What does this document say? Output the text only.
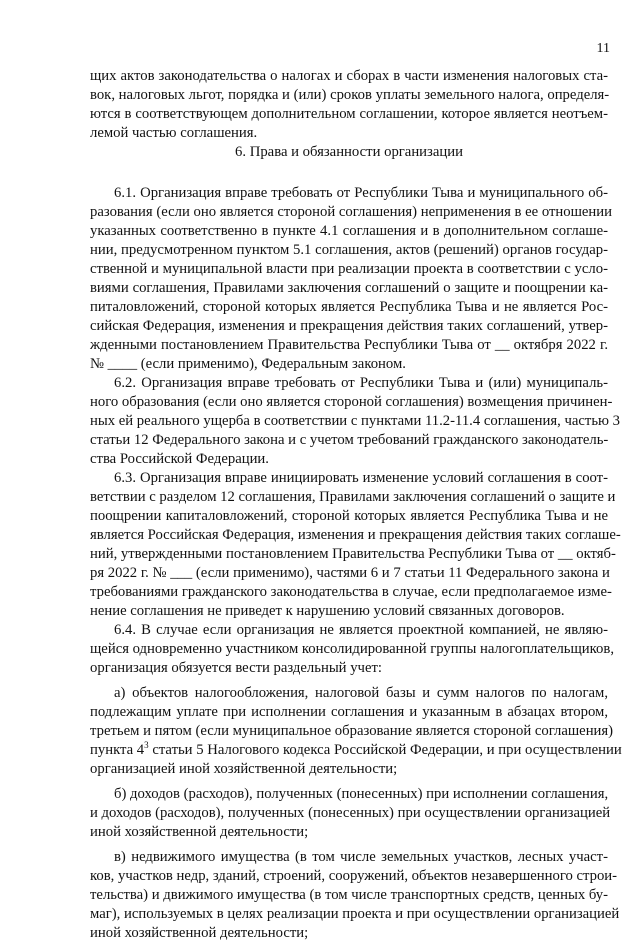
11
щих актов законодательства о налогах и сборах в части изменения налоговых ста-
вок, налоговых льгот, порядка и (или) сроков уплаты земельного налога, определя-
ются в соответствующем дополнительном соглашении, которое является неотъем-
лемой частью соглашения.
6. Права и обязанности организации
6.1. Организация вправе требовать от Республики Тыва и муниципального об-
разования (если оно является стороной соглашения) неприменения в ее отношении
указанных соответственно в пункте 4.1 соглашения и в дополнительном соглаше-
нии, предусмотренном пунктом 5.1 соглашения, актов (решений) органов государ-
ственной и муниципальной власти при реализации проекта в соответствии с усло-
виями соглашения, Правилами заключения соглашений о защите и поощрении ка-
питаловложений, стороной которых является Республика Тыва и не является Рос-
сийская Федерация, изменения и прекращения действия таких соглашений, утвер-
жденными постановлением Правительства Республики Тыва от __ октября 2022 г.
№ ____ (если применимо), Федеральным законом.
6.2. Организация вправе требовать от Республики Тыва и (или) муниципаль-
ного образования (если оно является стороной соглашения) возмещения причинен-
ных ей реального ущерба в соответствии с пунктами 11.2-11.4 соглашения, частью 3
статьи 12 Федерального закона и с учетом требований гражданского законодатель-
ства Российской Федерации.
6.3. Организация вправе инициировать изменение условий соглашения в соот-
ветствии с разделом 12 соглашения, Правилами заключения соглашений о защите и
поощрении капиталовложений, стороной которых является Республика Тыва и не
является Российская Федерация, изменения и прекращения действия таких соглаше-
ний, утвержденными постановлением Правительства Республики Тыва от __ октяб-
ря 2022 г. № ___ (если применимо), частями 6 и 7 статьи 11 Федерального закона и
требованиями гражданского законодательства в случае, если предполагаемое изме-
нение соглашения не приведет к нарушению условий связанных договоров.
6.4. В случае если организация не является проектной компанией, не являю-
щейся одновременно участником консолидированной группы налогоплательщиков,
организация обязуется вести раздельный учет:
а) объектов налогообложения, налоговой базы и сумм налогов по налогам,
подлежащим уплате при исполнении соглашения и указанным в абзацах втором,
третьем и пятом (если муниципальное образование является стороной соглашения)
пункта $4^3$ статьи 5 Налогового кодекса Российской Федерации, и при осуществлении
организацией иной хозяйственной деятельности;
б) доходов (расходов), полученных (понесенных) при исполнении соглашения,
и доходов (расходов), полученных (понесенных) при осуществлении организацией
иной хозяйственной деятельности;
в) недвижимого имущества (в том числе земельных участков, лесных участ-
ков, участков недр, зданий, строений, сооружений, объектов незавершенного строи-
тельства) и движимого имущества (в том числе транспортных средств, ценных бу-
маг), используемых в целях реализации проекта и при осуществлении организацией
иной хозяйственной деятельности;
